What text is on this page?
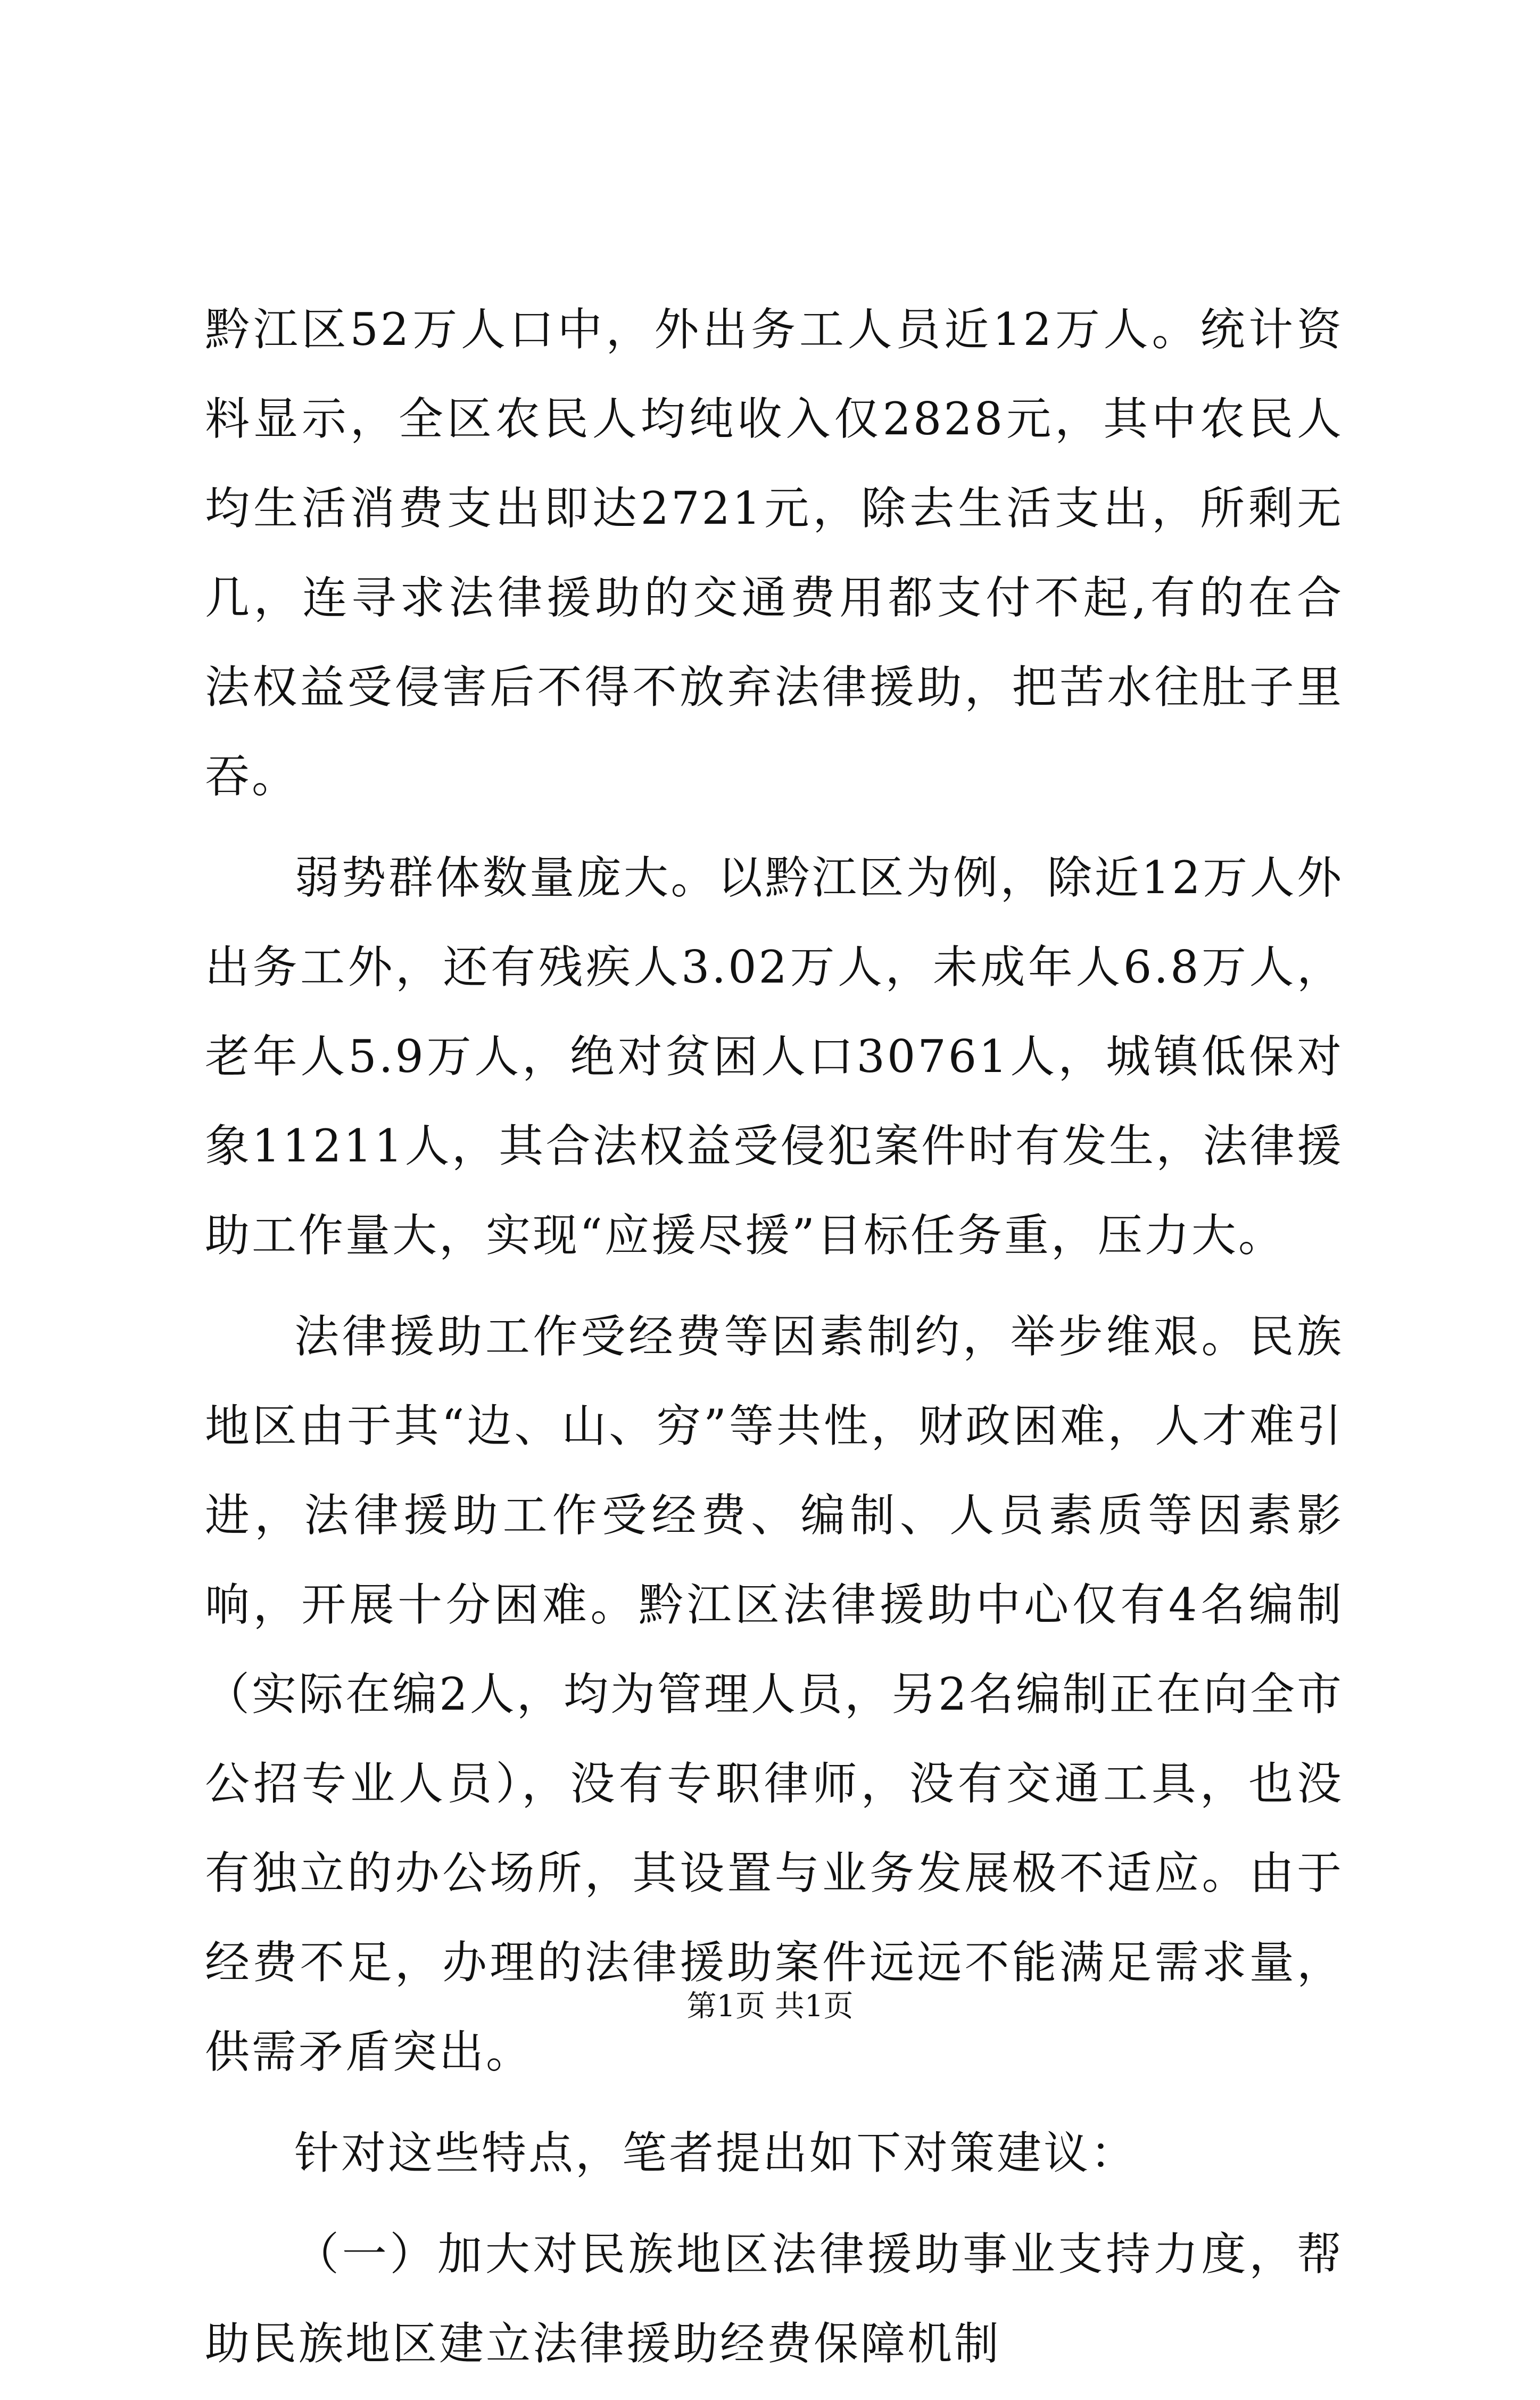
黔江区52万人口中，外出务工人员近12万人。统计资料显示，全区农民人均纯收入仅2828元，其中农民人均生活消费支出即达2721元，除去生活支出，所剩无几，连寻求法律援助的交通费用都支付不起,有的在合法权益受侵害后不得不放弃法律援助，把苦水往肚子里吞。

弱势群体数量庞大。以黔江区为例，除近12万人外出务工外，还有残疾人3.02万人，未成年人6.8万人，老年人5.9万人，绝对贫困人口30761人，城镇低保对象11211人，其合法权益受侵犯案件时有发生，法律援助工作量大，实现“应援尽援”目标任务重，压力大。

法律援助工作受经费等因素制约，举步维艰。民族地区由于其“边、山、穷”等共性，财政困难，人才难引进，法律援助工作受经费、编制、人员素质等因素影响，开展十分困难。黔江区法律援助中心仅有4名编制（实际在编2人，均为管理人员，另2名编制正在向全市公招专业人员），没有专职律师，没有交通工具，也没有独立的办公场所，其设置与业务发展极不适应。由于经费不足，办理的法律援助案件远远不能满足需求量，供需矛盾突出。

针对这些特点，笔者提出如下对策建议：

（一）加大对民族地区法律援助事业支持力度，帮助民族地区建立法律援助经费保障机制

第1页 共1页
